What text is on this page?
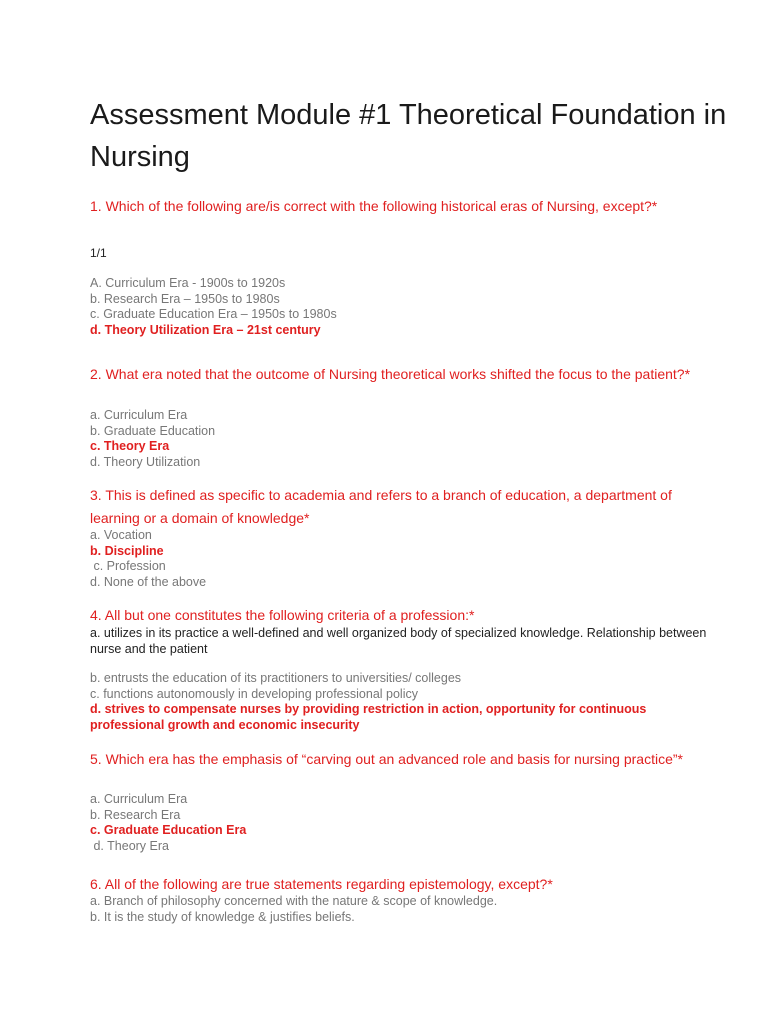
Assessment Module #1 Theoretical Foundation in Nursing
1. Which of the following are/is correct with the following historical eras of Nursing, except?*
1/1
A. Curriculum Era - 1900s to 1920s
b. Research Era – 1950s to 1980s
c. Graduate Education Era – 1950s to 1980s
d. Theory Utilization Era – 21st century
2. What era noted that the outcome of Nursing theoretical works shifted the focus to the patient?*
a. Curriculum Era
b. Graduate Education
c. Theory Era
d. Theory Utilization
3. This is defined as specific to academia and refers to a branch of education, a department of learning or a domain of knowledge*
a. Vocation
b. Discipline
c. Profession
d. None of the above
4. All but one constitutes the following criteria of a profession:*
a. utilizes in its practice a well-defined and well organized body of specialized knowledge. Relationship between nurse and the patient
b. entrusts the education of its practitioners to universities/ colleges
c. functions autonomously in developing professional policy
d. strives to compensate nurses by providing restriction in action, opportunity for continuous professional growth and economic insecurity
5. Which era has the emphasis of “carving out an advanced role and basis for nursing practice”*
a. Curriculum Era
b. Research Era
c. Graduate Education Era
d. Theory Era
6. All of the following are true statements regarding epistemology, except?*
a. Branch of philosophy concerned with the nature & scope of knowledge.
b. It is the study of knowledge & justifies beliefs.
